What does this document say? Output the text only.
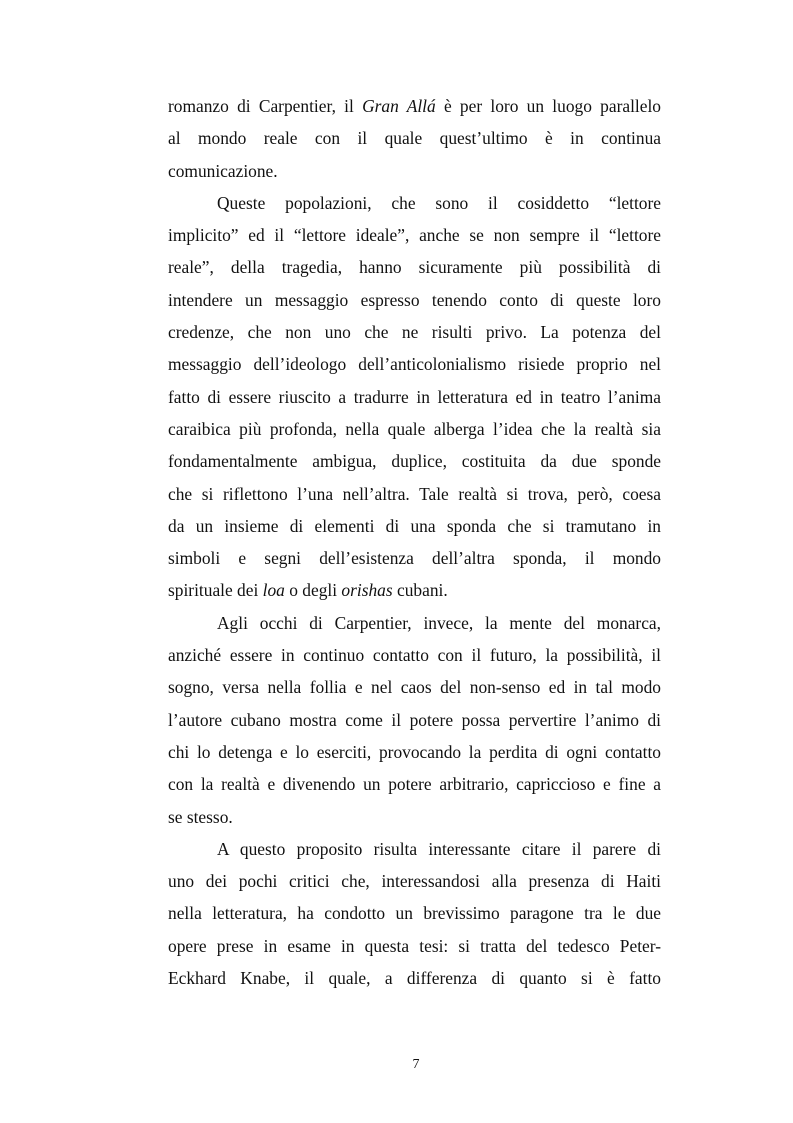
romanzo di Carpentier, il Gran Allá è per loro un luogo parallelo
al mondo reale con il quale quest’ultimo è in continua
comunicazione.
Queste popolazioni, che sono il cosiddetto “lettore
implicito” ed il “lettore ideale”, anche se non sempre il “lettore
reale”, della tragedia, hanno sicuramente più possibilità di
intendere un messaggio espresso tenendo conto di queste loro
credenze, che non uno che ne risulti privo. La potenza del
messaggio dell’ideologo dell’anticolonialismo risiede proprio nel
fatto di essere riuscito a tradurre in letteratura ed in teatro l’anima
caraibica più profonda, nella quale alberga l’idea che la realtà sia
fondamentalmente ambigua, duplice, costituita da due sponde
che si riflettono l’una nell’altra. Tale realtà si trova, però, coesa
da un insieme di elementi di una sponda che si tramutano in
simboli e segni dell’esistenza dell’altra sponda, il mondo
spirituale dei loa o degli orishas cubani.
Agli occhi di Carpentier, invece, la mente del monarca,
anziché essere in continuo contatto con il futuro, la possibilità, il
sogno, versa nella follia e nel caos del non-senso ed in tal modo
l’autore cubano mostra come il potere possa pervertire l’animo di
chi lo detenga e lo eserciti, provocando la perdita di ogni contatto
con la realtà e divenendo un potere arbitrario, capriccioso e fine a
se stesso.
A questo proposito risulta interessante citare il parere di
uno dei pochi critici che, interessandosi alla presenza di Haiti
nella letteratura, ha condotto un brevissimo paragone tra le due
opere prese in esame in questa tesi: si tratta del tedesco Peter-
Eckhard Knabe, il quale, a differenza di quanto si è fatto
7
